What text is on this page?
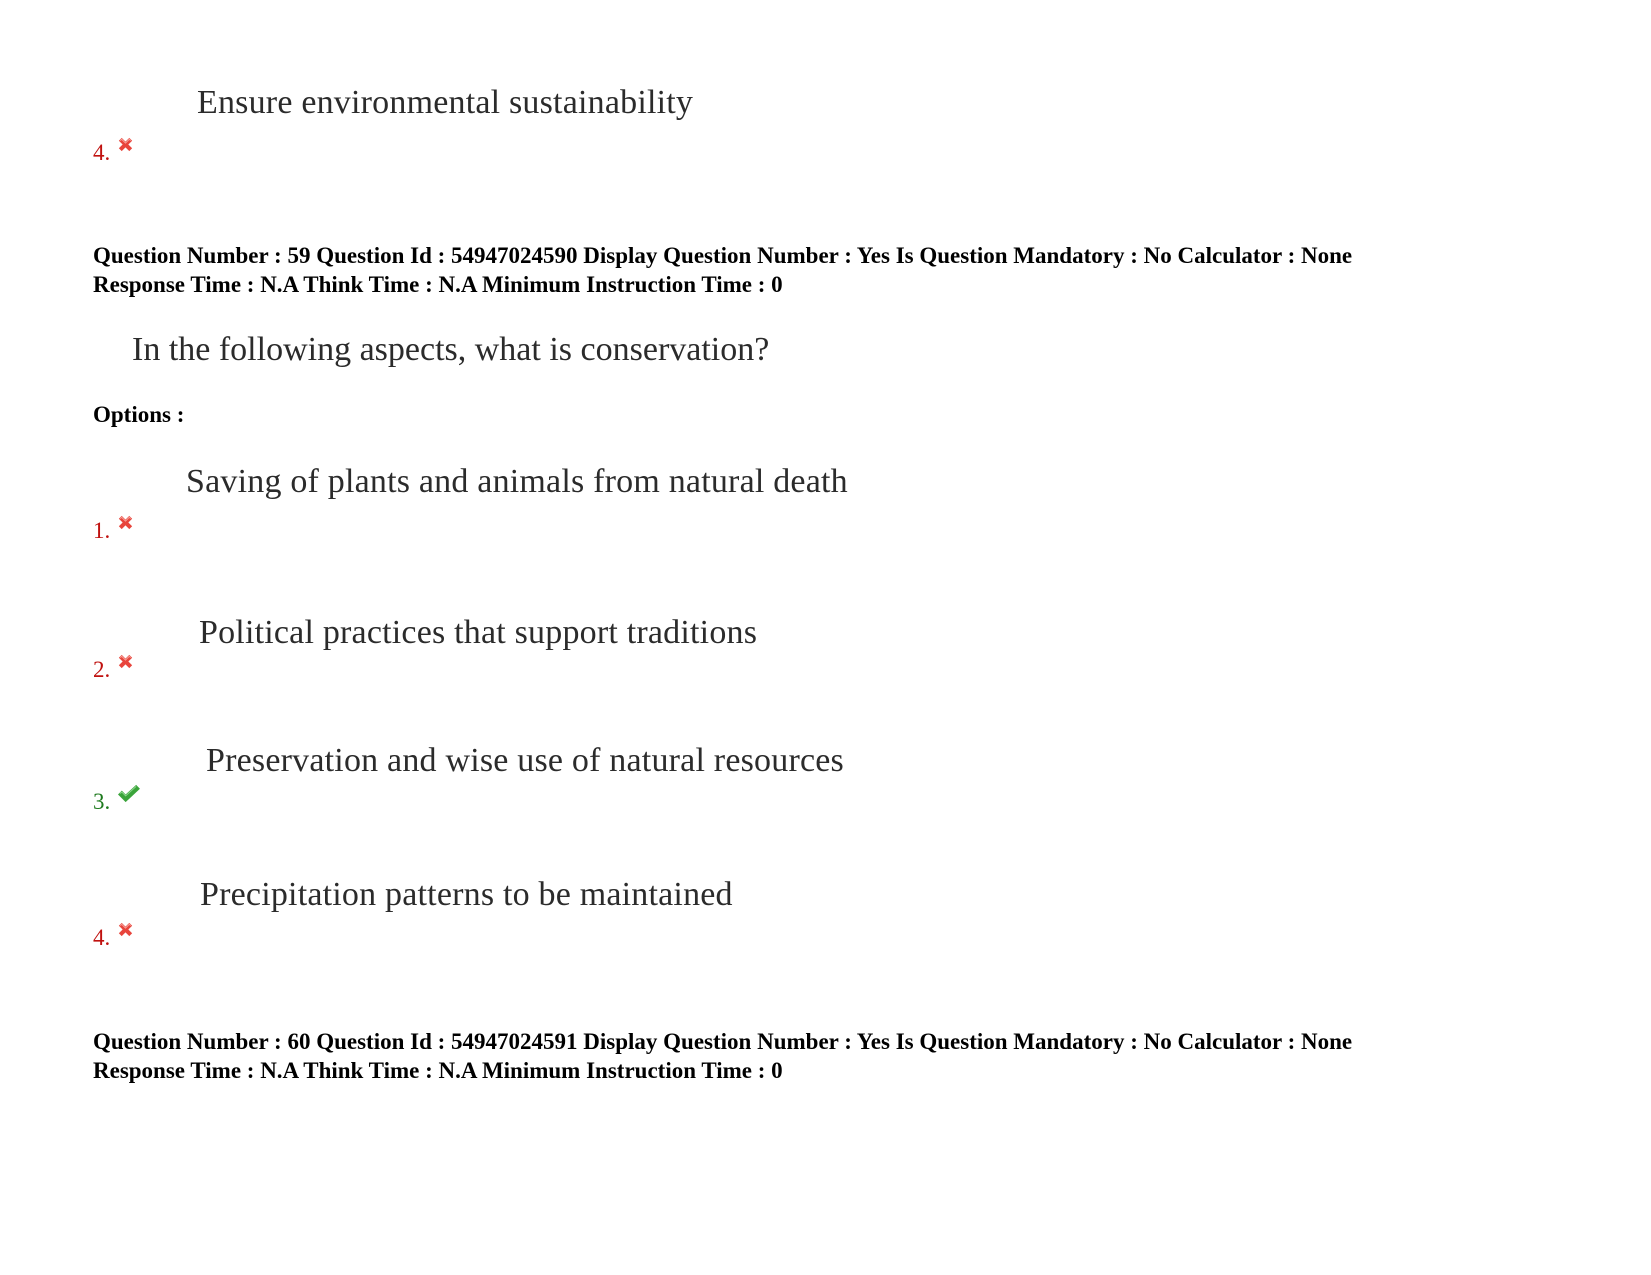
Ensure environmental sustainability
4.
Question Number : 59 Question Id : 54947024590 Display Question Number : Yes Is Question Mandatory : No Calculator : None
Response Time : N.A Think Time : N.A Minimum Instruction Time : 0
In the following aspects, what is conservation?
Options :
Saving of plants and animals from natural death
1.
Political practices that support traditions
2.
Preservation and wise use of natural resources
3.
Precipitation patterns to be maintained
4.
Question Number : 60 Question Id : 54947024591 Display Question Number : Yes Is Question Mandatory : No Calculator : None
Response Time : N.A Think Time : N.A Minimum Instruction Time : 0
